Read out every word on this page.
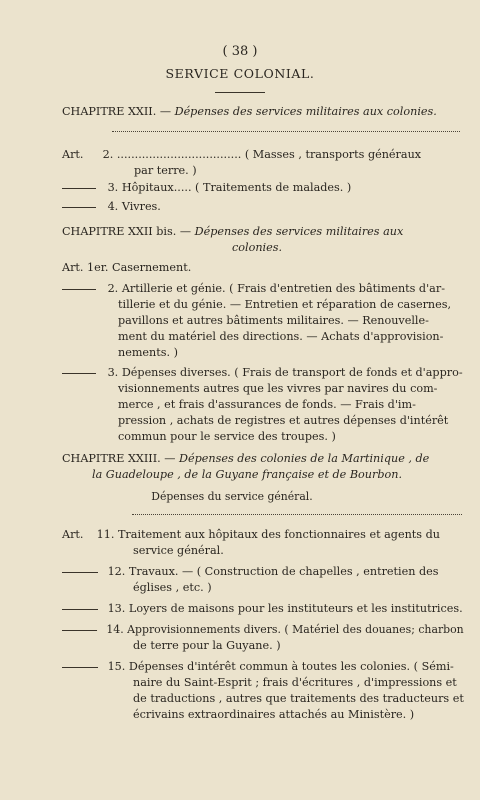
( 38 )
SERVICE COLONIAL.
CHAPITRE XXII. — Dépenses des services militaires aux colonies.
Art. 2. ................................... ( Masses , transports généraux
par terre. )
3. Hôpitaux..... ( Traitements de malades. )
4. Vivres.
CHAPITRE XXII bis. — Dépenses des services militaires aux
colonies.
Art. 1er. Casernement.
2. Artillerie et génie. ( Frais d'entretien des bâtiments d'ar-
tillerie et du génie. — Entretien et réparation de casernes,
pavillons et autres bâtiments militaires. — Renouvelle-
ment du matériel des directions. — Achats d'approvision-
nements. )
3. Dépenses diverses. ( Frais de transport de fonds et d'appro-
visionnements autres que les vivres par navires du com-
merce , et frais d'assurances de fonds. — Frais d'im-
pression , achats de registres et autres dépenses d'intérêt
commun pour le service des troupes. )
CHAPITRE XXIII. — Dépenses des colonies de la Martinique , de
la Guadeloupe , de la Guyane française et de Bourbon.
Dépenses du service général.
Art. 11. Traitement aux hôpitaux des fonctionnaires et agents du
service général.
12. Travaux. — ( Construction de chapelles , entretien des
églises , etc. )
13. Loyers de maisons pour les instituteurs et les institutrices.
14. Approvisionnements divers. ( Matériel des douanes; charbon
de terre pour la Guyane. )
15. Dépenses d'intérêt commun à toutes les colonies. ( Sémi-
naire du Saint-Esprit ; frais d'écritures , d'impressions et
de traductions , autres que traitements des traducteurs et
écrivains extraordinaires attachés au Ministère. )
